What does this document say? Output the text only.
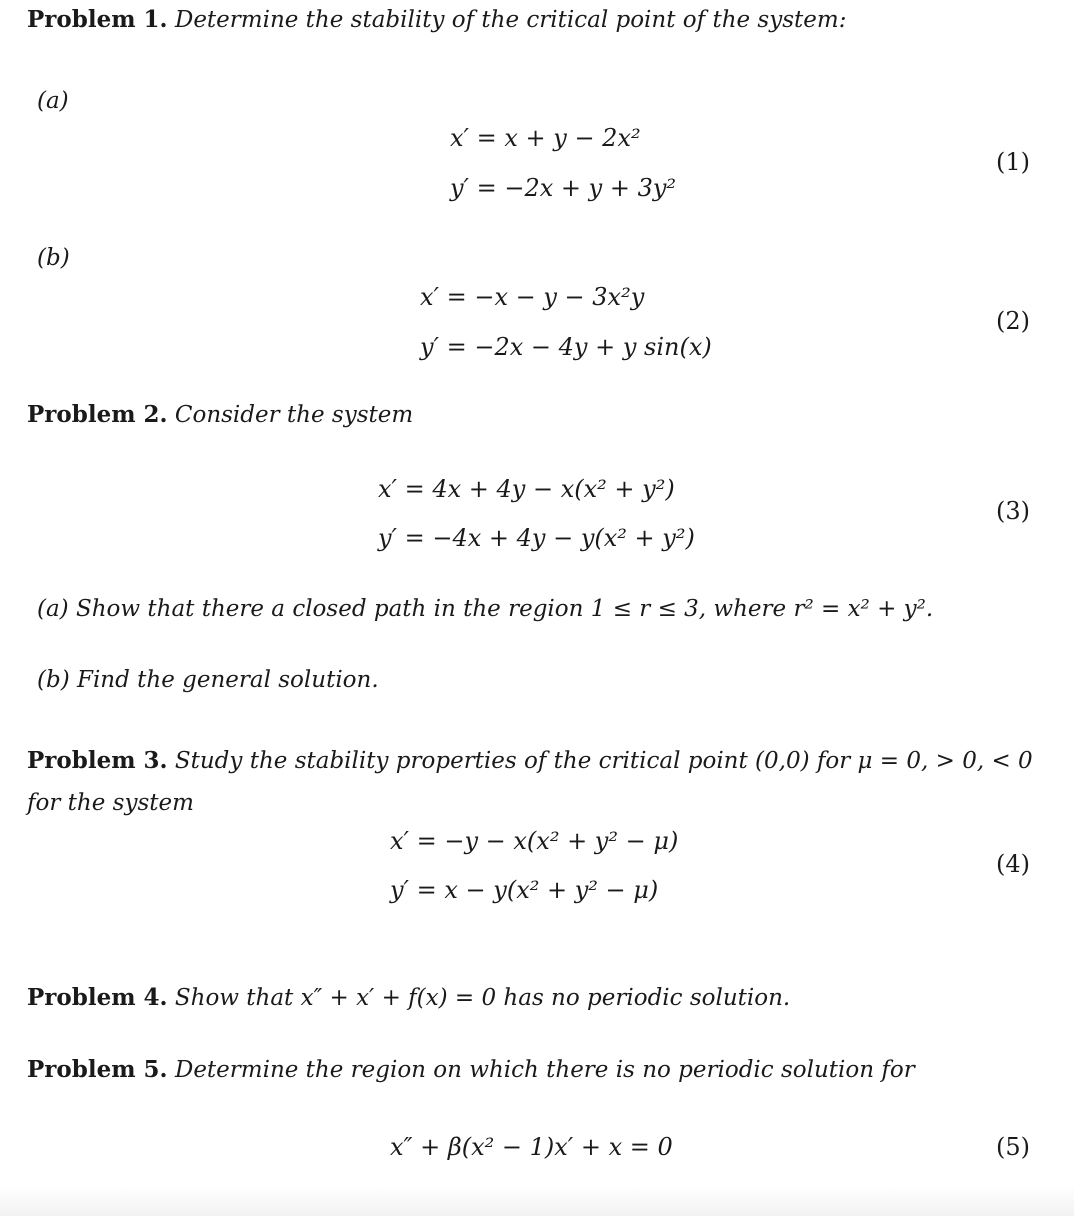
Problem 1. Determine the stability of the critical point of the system:
(a)
x′ = x + y − 2x²
y′ = −2x + y + 3y²
(1)
(b)
x′ = −x − y − 3x²y
y′ = −2x − 4y + y sin(x)
(2)
Problem 2. Consider the system
x′ = 4x + 4y − x(x² + y²)
y′ = −4x + 4y − y(x² + y²)
(3)
(a) Show that there a closed path in the region 1 ≤ r ≤ 3, where r² = x² + y².
(b) Find the general solution.
Problem 3. Study the stability properties of the critical point (0,0) for μ = 0, > 0, < 0
for the system
x′ = −y − x(x² + y² − μ)
y′ = x − y(x² + y² − μ)
(4)
Problem 4. Show that x″ + x′ + f(x) = 0 has no periodic solution.
Problem 5. Determine the region on which there is no periodic solution for
x″ + β(x² − 1)x′ + x = 0	(5)
